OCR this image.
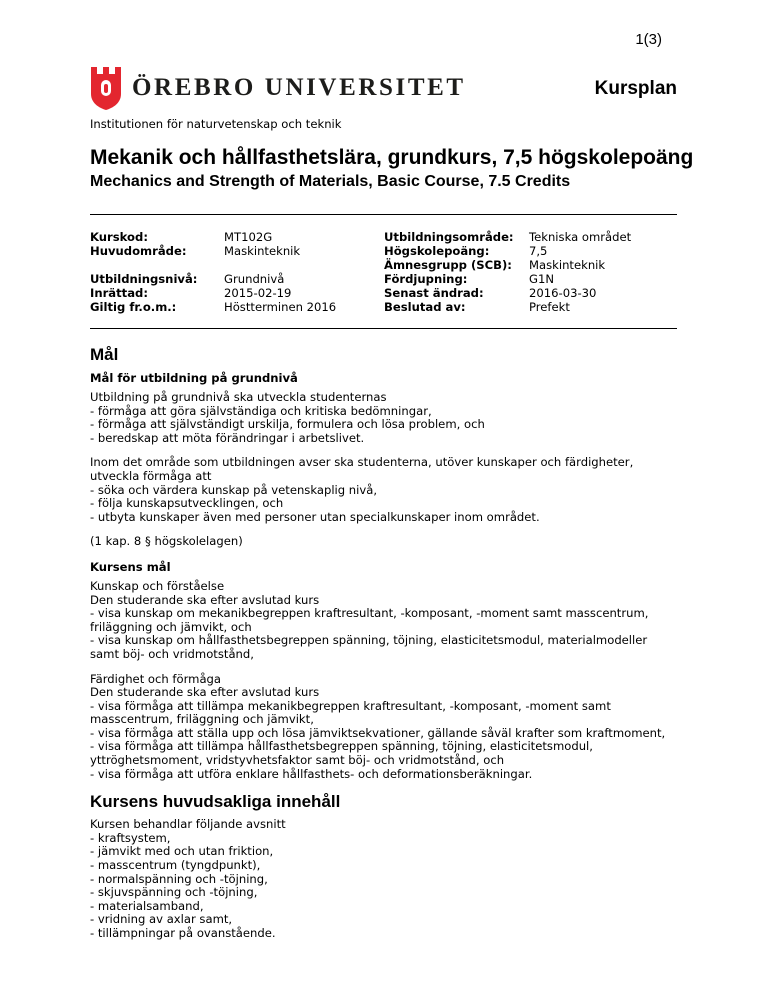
1(3)
ÖREBRO UNIVERSITET	Kursplan
Institutionen för naturvetenskap och teknik
Mekanik och hållfasthetslära, grundkurs, 7,5 högskolepoäng
Mechanics and Strength of Materials, Basic Course, 7.5 Credits
Kurskod:
Huvudområde:
Utbildningsnivå:
Inrättad:
Giltig fr.o.m.:
MT102G
Maskinteknik
Grundnivå
2015-02-19
Höstterminen 2016
Utbildningsområde:
Högskolepoäng:
Ämnesgrupp (SCB):
Fördjupning:
Senast ändrad:
Beslutad av:
Tekniska området
7,5
Maskinteknik
G1N
2016-03-30
Prefekt
Mål
Mål för utbildning på grundnivå

Utbildning på grundnivå ska utveckla studenternas
- förmåga att göra självständiga och kritiska bedömningar,
- förmåga att självständigt urskilja, formulera och lösa problem, och
- beredskap att möta förändringar i arbetslivet.

Inom det område som utbildningen avser ska studenterna, utöver kunskaper och färdigheter,
utveckla förmåga att
- söka och värdera kunskap på vetenskaplig nivå,
- följa kunskapsutvecklingen, och
- utbyta kunskaper även med personer utan specialkunskaper inom området.

(1 kap. 8 § högskolelagen)

Kursens mål

Kunskap och förståelse
Den studerande ska efter avslutad kurs
- visa kunskap om mekanikbegreppen kraftresultant, -komposant, -moment samt masscentrum,
friläggning och jämvikt, och
- visa kunskap om hållfasthetsbegreppen spänning, töjning, elasticitetsmodul, materialmodeller
samt böj- och vridmotstånd,

Färdighet och förmåga
Den studerande ska efter avslutad kurs
- visa förmåga att tillämpa mekanikbegreppen kraftresultant, -komposant, -moment samt
masscentrum, friläggning och jämvikt,
- visa förmåga att ställa upp och lösa jämviktsekvationer, gällande såväl krafter som kraftmoment,
- visa förmåga att tillämpa hållfasthetsbegreppen spänning, töjning, elasticitetsmodul,
yttröghetsmoment, vridstyvhetsfaktor samt böj- och vridmotstånd, och
- visa förmåga att utföra enklare hållfasthets- och deformationsberäkningar.

Kursens huvudsakliga innehåll

Kursen behandlar följande avsnitt
- kraftsystem,
- jämvikt med och utan friktion,
- masscentrum (tyngdpunkt),
- normalspänning och -töjning,
- skjuvspänning och -töjning,
- materialsamband,
- vridning av axlar samt,
- tillämpningar på ovanstående.
